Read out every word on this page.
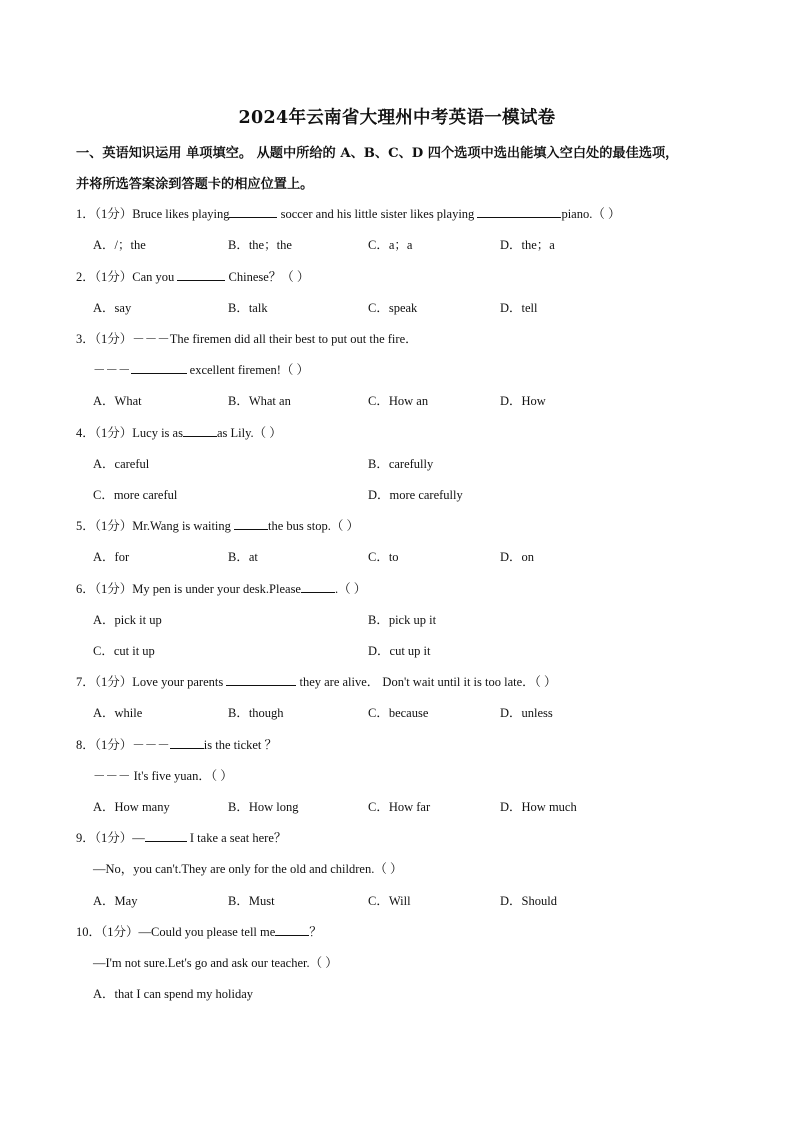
2024年云南省大理州中考英语一模试卷
一、英语知识运用 单项填空。 从题中所给的 A、B、C、D 四个选项中选出能填入空白处的最佳选项，
并将所选答案涂到答题卡的相应位置上。
1．（1分）Bruce likes playing	soccer and his little sister likes playing	piano.（ ）
A．/；the	B．the；the	C．a；a	D．the；a
2．（1分）Can you	Chinese？（ ）
A．say	B．talk	C．speak	D．tell
3．（1分）－－－The firemen did all their best to put out the fire．
－－－	excellent firemen!（ ）
A．What	B．What an	C．How an	D．How
4．（1分）Lucy is as	as Lily.（ ）
A．careful	B．carefully
C．more careful	D．more carefully
5．（1分）Mr.Wang is waiting	the bus stop.（ ）
A．for	B．at	C．to	D．on
6．（1分）My pen is under your desk.Please	.（ ）
A．pick it up	B．pick up it
C．cut it up	D．cut up it
7．（1分）Love your parents	they are alive． Don't wait until it is too late．（ ）
A．while	B．though	C．because	D．unless
8．（1分）－－－	is the ticket ？
－－－ It's five yuan．（ ）
A．How many	B．How long	C．How far	D．How much
9．（1分）—	I take a seat here？
—No，you can't.They are only for the old and children.（ ）
A．May	B．Must	C．Will	D．Should
10．（1分）—Could you please tell me	？
—I'm not sure.Let's go and ask our teacher.（ ）
A．that I can spend my holiday
